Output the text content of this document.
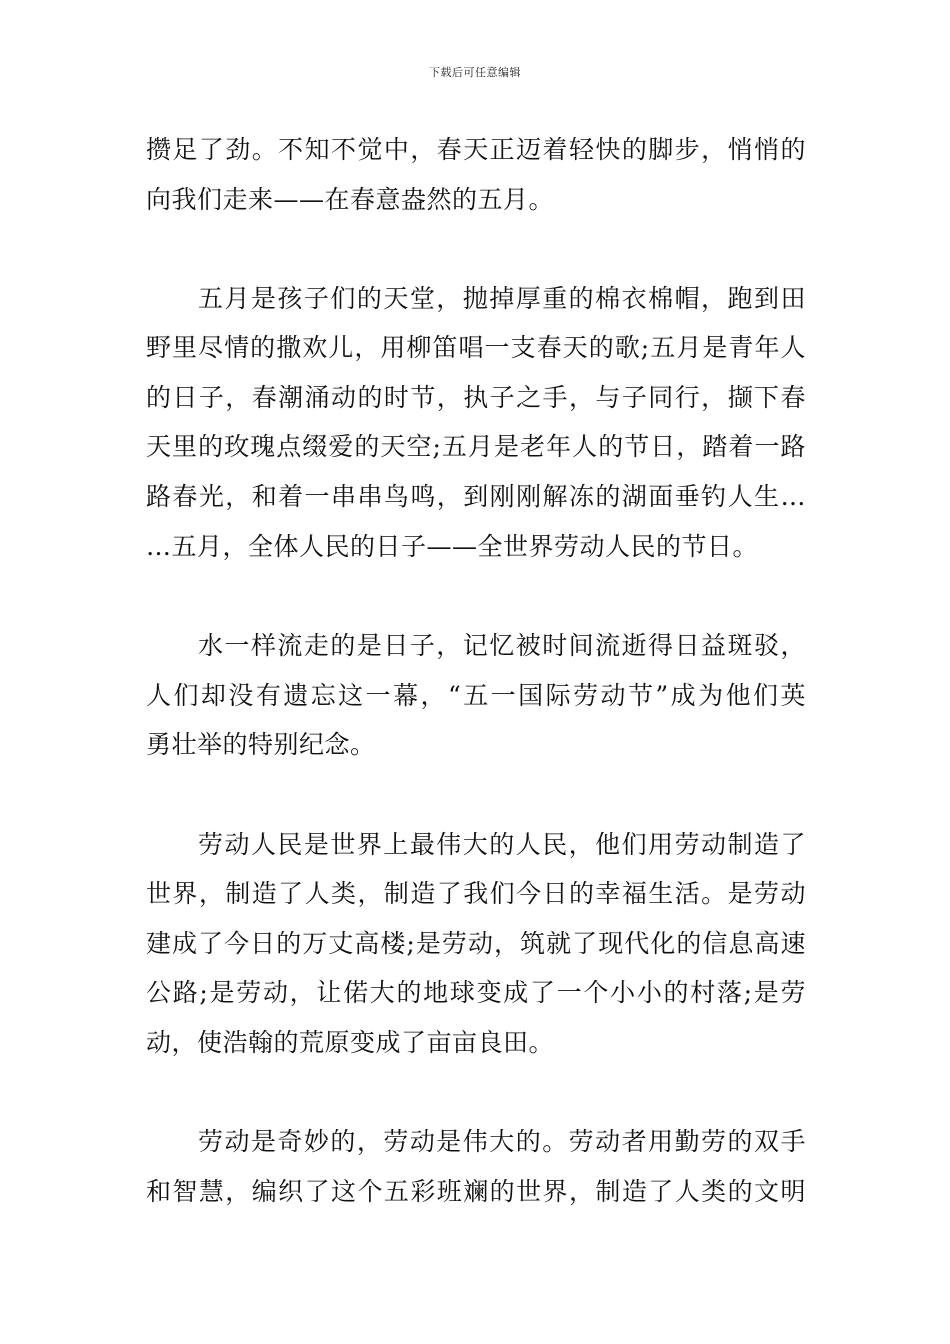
下载后可任意编辑
攒足了劲。不知不觉中，春天正迈着轻快的脚步，悄悄的
向我们走来——在春意盎然的五月。
五月是孩子们的天堂，抛掉厚重的棉衣棉帽，跑到田
野里尽情的撒欢儿，用柳笛唱一支春天的歌;五月是青年人
的日子，春潮涌动的时节，执子之手，与子同行，撷下春
天里的玫瑰点缀爱的天空;五月是老年人的节日，踏着一路
路春光，和着一串串鸟鸣，到刚刚解冻的湖面垂钓人生…
…五月，全体人民的日子——全世界劳动人民的节日。
水一样流走的是日子，记忆被时间流逝得日益斑驳，
人们却没有遗忘这一幕，“五一国际劳动节”成为他们英
勇壮举的特别纪念。
劳动人民是世界上最伟大的人民，他们用劳动制造了
世界，制造了人类，制造了我们今日的幸福生活。是劳动
建成了今日的万丈高楼;是劳动，筑就了现代化的信息高速
公路;是劳动，让偌大的地球变成了一个小小的村落;是劳
动，使浩翰的荒原变成了亩亩良田。
劳动是奇妙的，劳动是伟大的。劳动者用勤劳的双手
和智慧，编织了这个五彩班斓的世界，制造了人类的文明
